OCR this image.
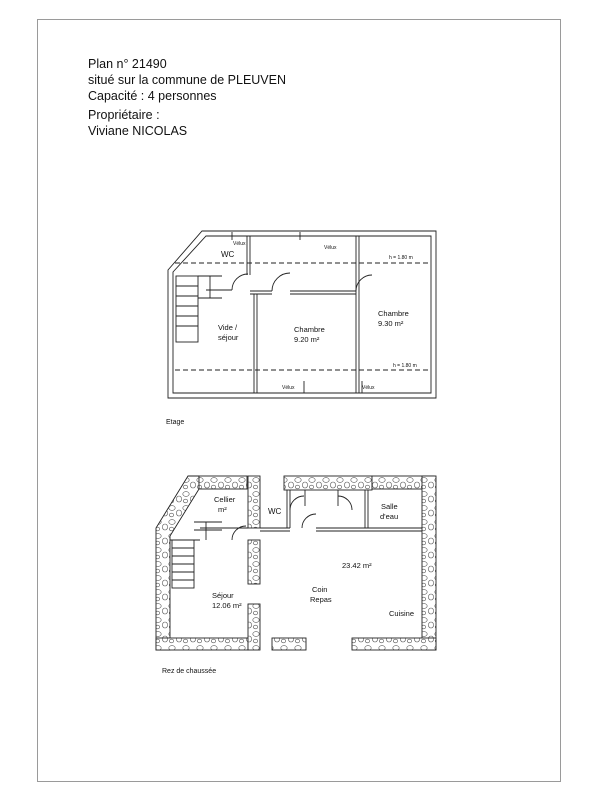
Plan n° 21490
situé sur la commune de PLEUVEN
Capacité : 4 personnes
Propriétaire :
Viviane NICOLAS
Vélux
Vélux
Vélux	Vélux
WC	h = 1.80 m
h = 1.80 m
Vide /
séjour
Chambre
9.20 m²
Chambre
9.30 m²
Etage
Cellier
m²	WC
Salle
d'eau
23.42 m²
Coin
Repas
Séjour
12.06 m²
Cuisine
Rez de chaussée
